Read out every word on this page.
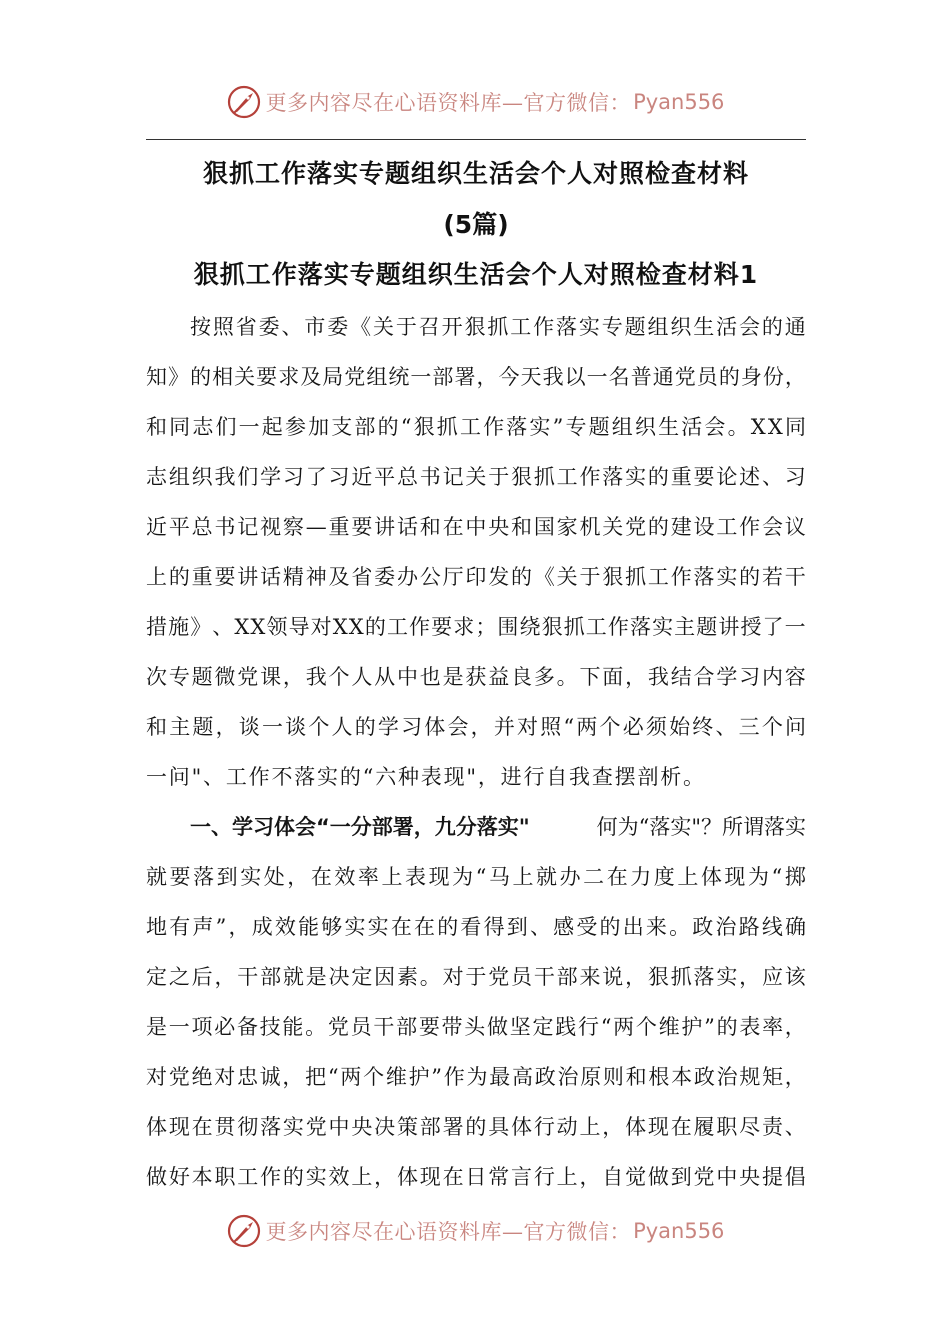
更多内容尽在心语资料库—官方微信： Pyan556
狠抓工作落实专题组织生活会个人对照检查材料
(5篇)
狠抓工作落实专题组织生活会个人对照检查材料1
按 照 省 委 、 市 委 《 关 于 召 开 狠 抓 工 作 落 实 专 题 组 织 生 活 会 的 通
知 》 的 相 关 要 求 及 局 党 组 统 一 部 署 ， 今 天 我 以 一 名 普 通 党 员 的 身 份 ，
和 同 志 们 一 起 参 加 支 部 的 “ 狠 抓 工 作 落 实 ” 专 题 组 织 生 活 会 。 X X 同
志 组 织 我 们 学 习 了 习 近 平 总 书 记 关 于 狠 抓 工 作 落 实 的 重 要 论 述 、 习
近 平 总 书 记 视 察 — 重 要 讲 话 和 在 中 央 和 国 家 机 关 党 的 建 设 工 作 会 议
上 的 重 要 讲 话 精 神 及 省 委 办 公 厅 印 发 的 《 关 于 狠 抓 工 作 落 实 的 若 干
措 施 》 、 X X 领 导 对 X X 的 工 作 要 求 ； 围 绕 狠 抓 工 作 落 实 主 题 讲 授 了 一
次 专 题 微 党 课 ， 我 个 人 从 中 也 是 获 益 良 多 。 下 面 ， 我 结 合 学 习 内 容
和 主 题 ， 谈 一 谈 个 人 的 学 习 体 会 ， 并 对 照 “ 两 个 必 须 始 终 、 三 个 问
一问"、工作不落实的“六种表现"，进行自我查摆剖析。
一、学习体会“一分部署，九分落实"	何为“落实"？所谓落实
就 要 落 到 实 处 ， 在 效 率 上 表 现 为 “ 马 上 就 办 二 在 力 度 上 体 现 为 “ 掷
地 有 声 ” ， 成 效 能 够 实 实 在 在 的 看 得 到 、 感 受 的 出 来 。 政 治 路 线 确
定 之 后 ， 干 部 就 是 决 定 因 素 。 对 于 党 员 干 部 来 说 ， 狠 抓 落 实 ， 应 该
是 一 项 必 备 技 能 。 党 员 干 部 要 带 头 做 坚 定 践 行 “ 两 个 维 护 ” 的 表 率 ，
对 党 绝 对 忠 诚 ， 把 “ 两 个 维 护 ” 作 为 最 高 政 治 原 则 和 根 本 政 治 规 矩 ，
体 现 在 贯 彻 落 实 党 中 央 决 策 部 署 的 具 体 行 动 上 ， 体 现 在 履 职 尽 责 、
做 好 本 职 工 作 的 实 效 上 ， 体 现 在 日 常 言 行 上 ， 自 觉 做 到 党 中 央 提 倡
更多内容尽在心语资料库—官方微信： Pyan556
